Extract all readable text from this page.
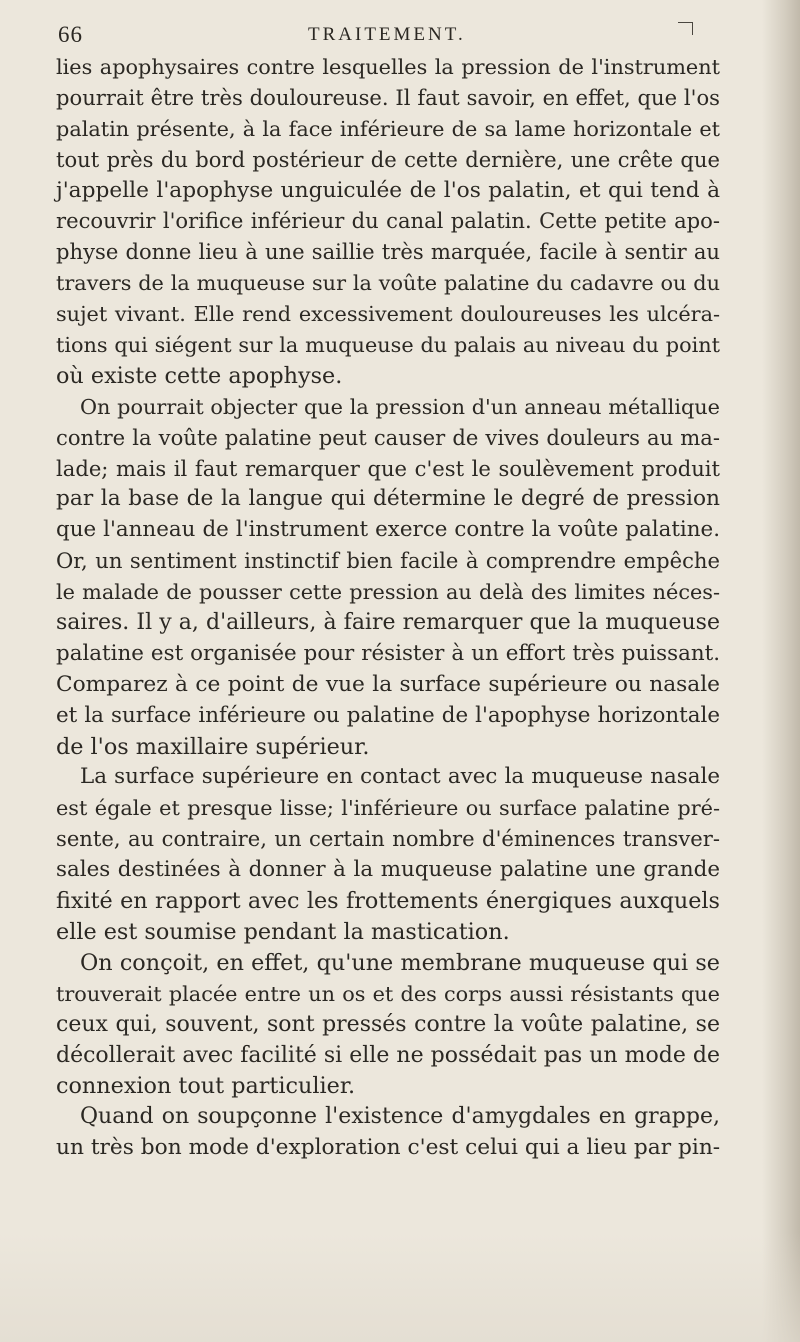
66	TRAITEMENT.
lies apophysaires contre lesquelles la pression de l'instrument
pourrait être très douloureuse. Il faut savoir, en effet, que l'os
palatin présente, à la face inférieure de sa lame horizontale et
tout près du bord postérieur de cette dernière, une crête que
j'appelle l'apophyse unguiculée de l'os palatin, et qui tend à
recouvrir l'orifice inférieur du canal palatin. Cette petite apo-
physe donne lieu à une saillie très marquée, facile à sentir au
travers de la muqueuse sur la voûte palatine du cadavre ou du
sujet vivant. Elle rend excessivement douloureuses les ulcéra-
tions qui siégent sur la muqueuse du palais au niveau du point
où existe cette apophyse.
On pourrait objecter que la pression d'un anneau métallique
contre la voûte palatine peut causer de vives douleurs au ma-
lade; mais il faut remarquer que c'est le soulèvement produit
par la base de la langue qui détermine le degré de pression
que l'anneau de l'instrument exerce contre la voûte palatine.
Or, un sentiment instinctif bien facile à comprendre empêche
le malade de pousser cette pression au delà des limites néces-
saires. Il y a, d'ailleurs, à faire remarquer que la muqueuse
palatine est organisée pour résister à un effort très puissant.
Comparez à ce point de vue la surface supérieure ou nasale
et la surface inférieure ou palatine de l'apophyse horizontale
de l'os maxillaire supérieur.
La surface supérieure en contact avec la muqueuse nasale
est égale et presque lisse; l'inférieure ou surface palatine pré-
sente, au contraire, un certain nombre d'éminences transver-
sales destinées à donner à la muqueuse palatine une grande
fixité en rapport avec les frottements énergiques auxquels
elle est soumise pendant la mastication.
On conçoit, en effet, qu'une membrane muqueuse qui se
trouverait placée entre un os et des corps aussi résistants que
ceux qui, souvent, sont pressés contre la voûte palatine, se
décollerait avec facilité si elle ne possédait pas un mode de
connexion tout particulier.
Quand on soupçonne l'existence d'amygdales en grappe,
un très bon mode d'exploration c'est celui qui a lieu par pin-
